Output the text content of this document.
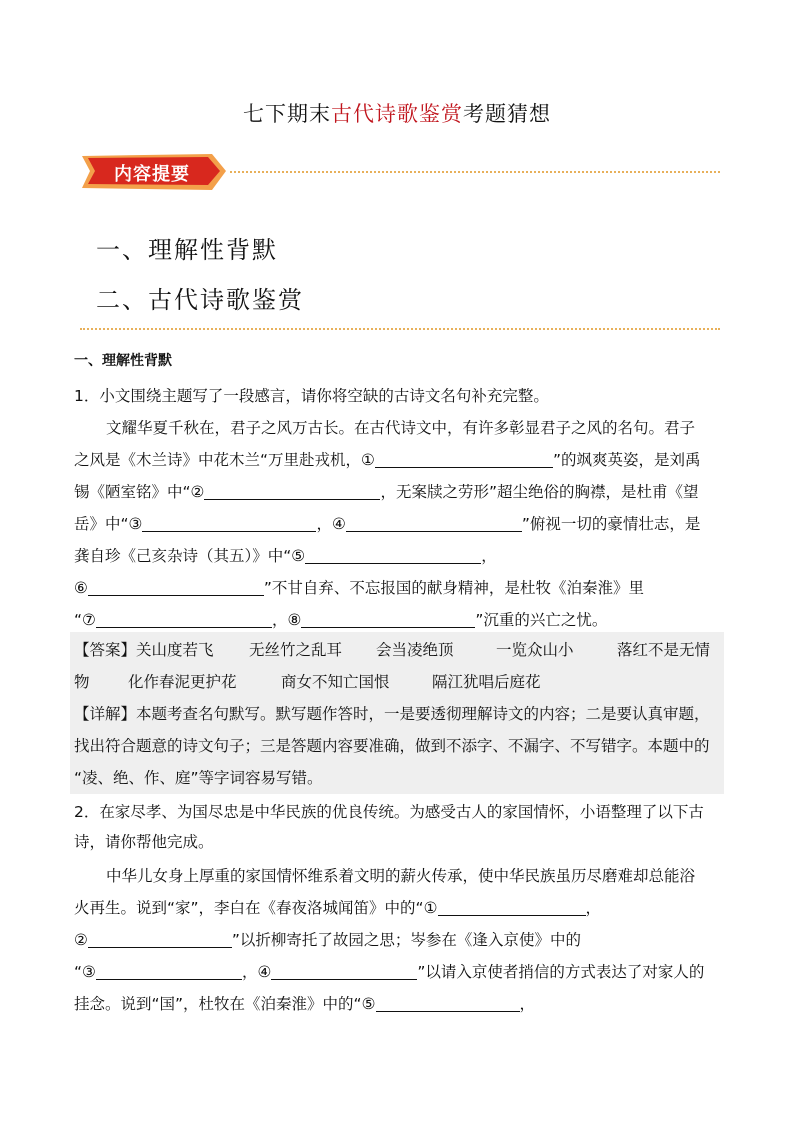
七下期末古代诗歌鉴赏考题猜想
内容提要
一、理解性背默
二、古代诗歌鉴赏
一、理解性背默
1．小文围绕主题写了一段感言，请你将空缺的古诗文名句补充完整。
文耀华夏千秋在，君子之风万古长。在古代诗文中，有许多彰显君子之风的名句。君子
之风是《木兰诗》中花木兰“万里赴戎机，①	”的飒爽英姿，是刘禹
锡《陋室铭》中“②	，无案牍之劳形”超尘绝俗的胸襟，是杜甫《望
岳》中“③	，④	”俯视一切的豪情壮志，是
龚自珍《己亥杂诗（其五）》中“⑤	，
⑥	”不甘自弃、不忘报国的献身精神，是杜牧《泊秦淮》里
“⑦	，⑧	”沉重的兴亡之忧。
【答案】关山度若飞 无丝竹之乱耳 会当凌绝顶	一览众山小	落红不是无情
物 化作春泥更护花	商女不知亡国恨	隔江犹唱后庭花
【详解】本题考查名句默写。默写题作答时，一是要透彻理解诗文的内容；二是要认真审题，
找出符合题意的诗文句子；三是答题内容要准确，做到不添字、不漏字、不写错字。本题中的
“凌、绝、作、庭”等字词容易写错。
2．在家尽孝、为国尽忠是中华民族的优良传统。为感受古人的家国情怀，小语整理了以下古
诗，请你帮他完成。
中华儿女身上厚重的家国情怀维系着文明的薪火传承，使中华民族虽历尽磨难却总能浴
火再生。说到“家”，李白在《春夜洛城闻笛》中的“①	，
②	”以折柳寄托了故园之思；岑参在《逢入京使》中的
“③	，④	”以请入京使者捎信的方式表达了对家人的
挂念。说到“国”，杜牧在《泊秦淮》中的“⑤	，
